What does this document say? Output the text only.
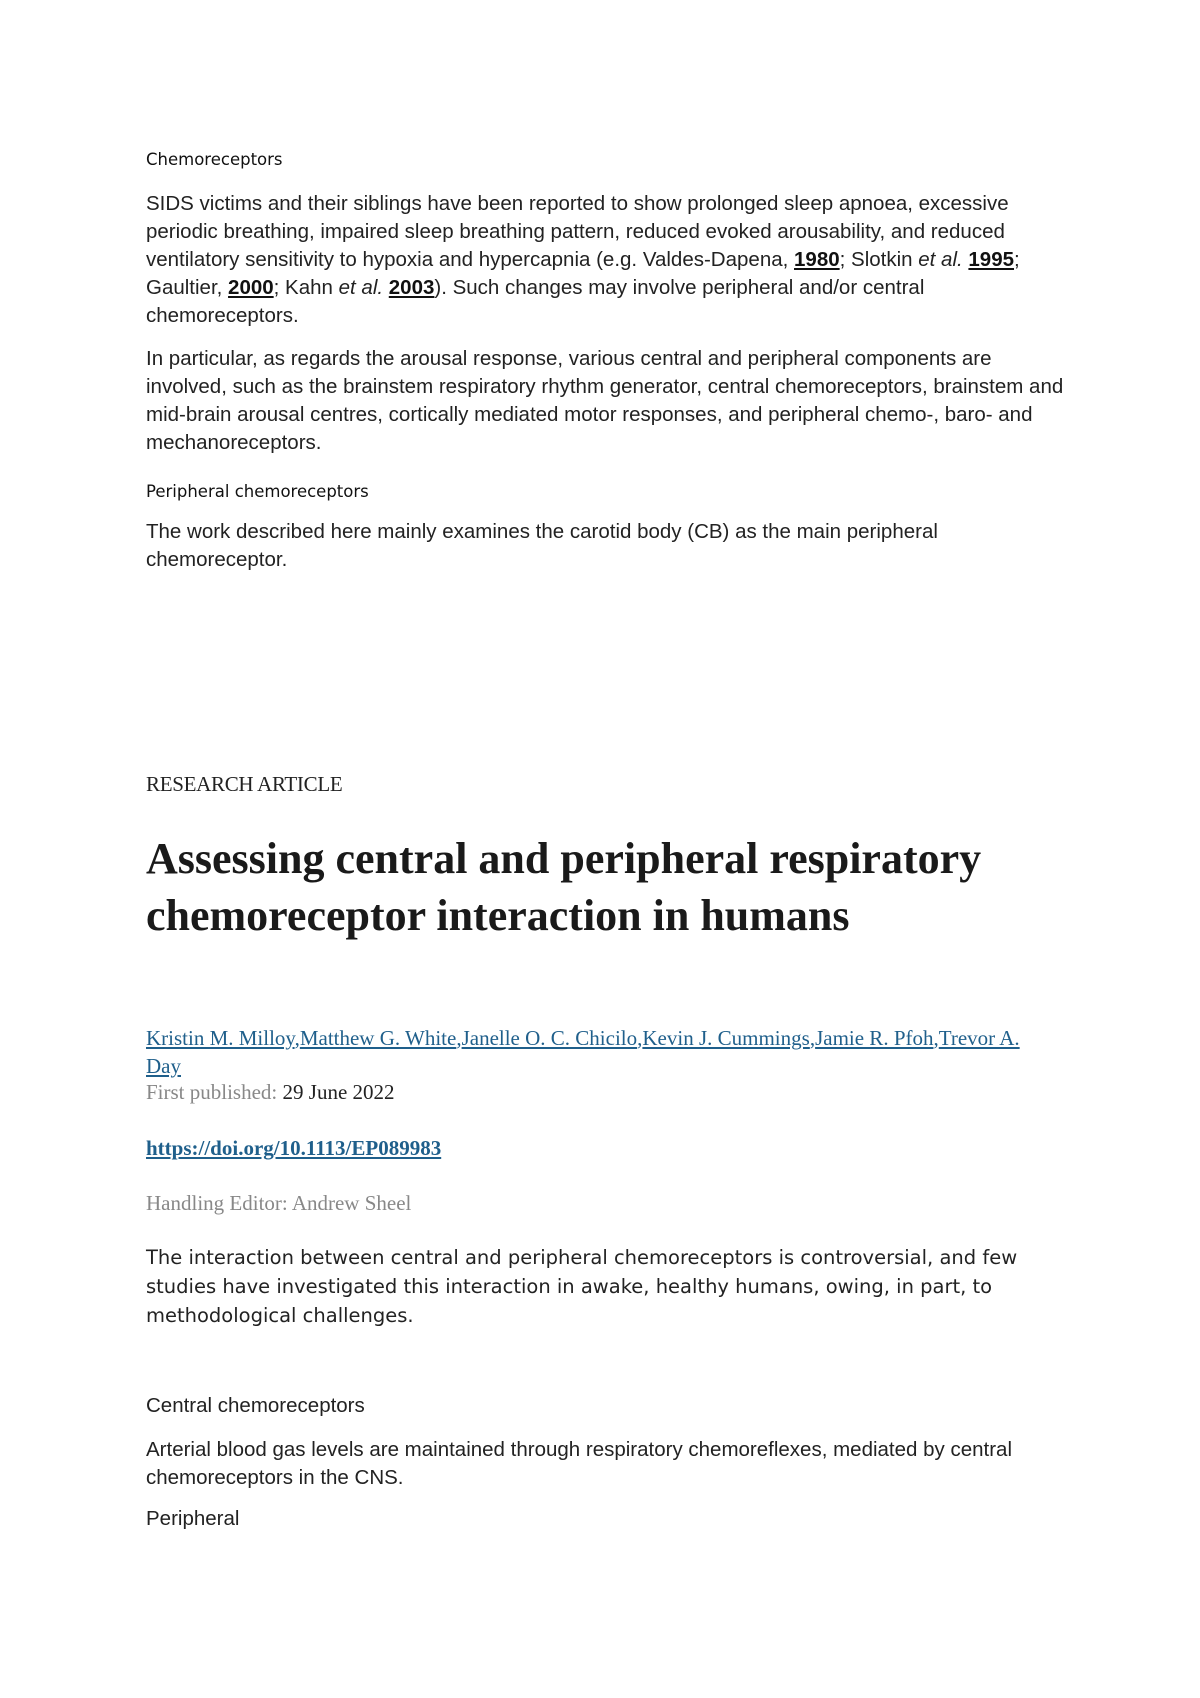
Chemoreceptors
SIDS victims and their siblings have been reported to show prolonged sleep apnoea, excessive periodic breathing, impaired sleep breathing pattern, reduced evoked arousability, and reduced ventilatory sensitivity to hypoxia and hypercapnia (e.g. Valdes-Dapena, 1980; Slotkin et al. 1995; Gaultier, 2000; Kahn et al. 2003). Such changes may involve peripheral and/or central chemoreceptors.
In particular, as regards the arousal response, various central and peripheral components are involved, such as the brainstem respiratory rhythm generator, central chemoreceptors, brainstem and mid-brain arousal centres, cortically mediated motor responses, and peripheral chemo-, baro- and mechanoreceptors.
Peripheral chemoreceptors
The work described here mainly examines the carotid body (CB) as the main peripheral chemoreceptor.
RESEARCH ARTICLE
Assessing central and peripheral respiratory chemoreceptor interaction in humans
Kristin M. Milloy,Matthew G. White,Janelle O. C. Chicilo,Kevin J. Cummings,Jamie R. Pfoh,Trevor A. Day
First published: 29 June 2022
https://doi.org/10.1113/EP089983
Handling Editor: Andrew Sheel
The interaction between central and peripheral chemoreceptors is controversial, and few studies have investigated this interaction in awake, healthy humans, owing, in part, to methodological challenges.
Central chemoreceptors
Arterial blood gas levels are maintained through respiratory chemoreflexes, mediated by central chemoreceptors in the CNS.
Peripheral
